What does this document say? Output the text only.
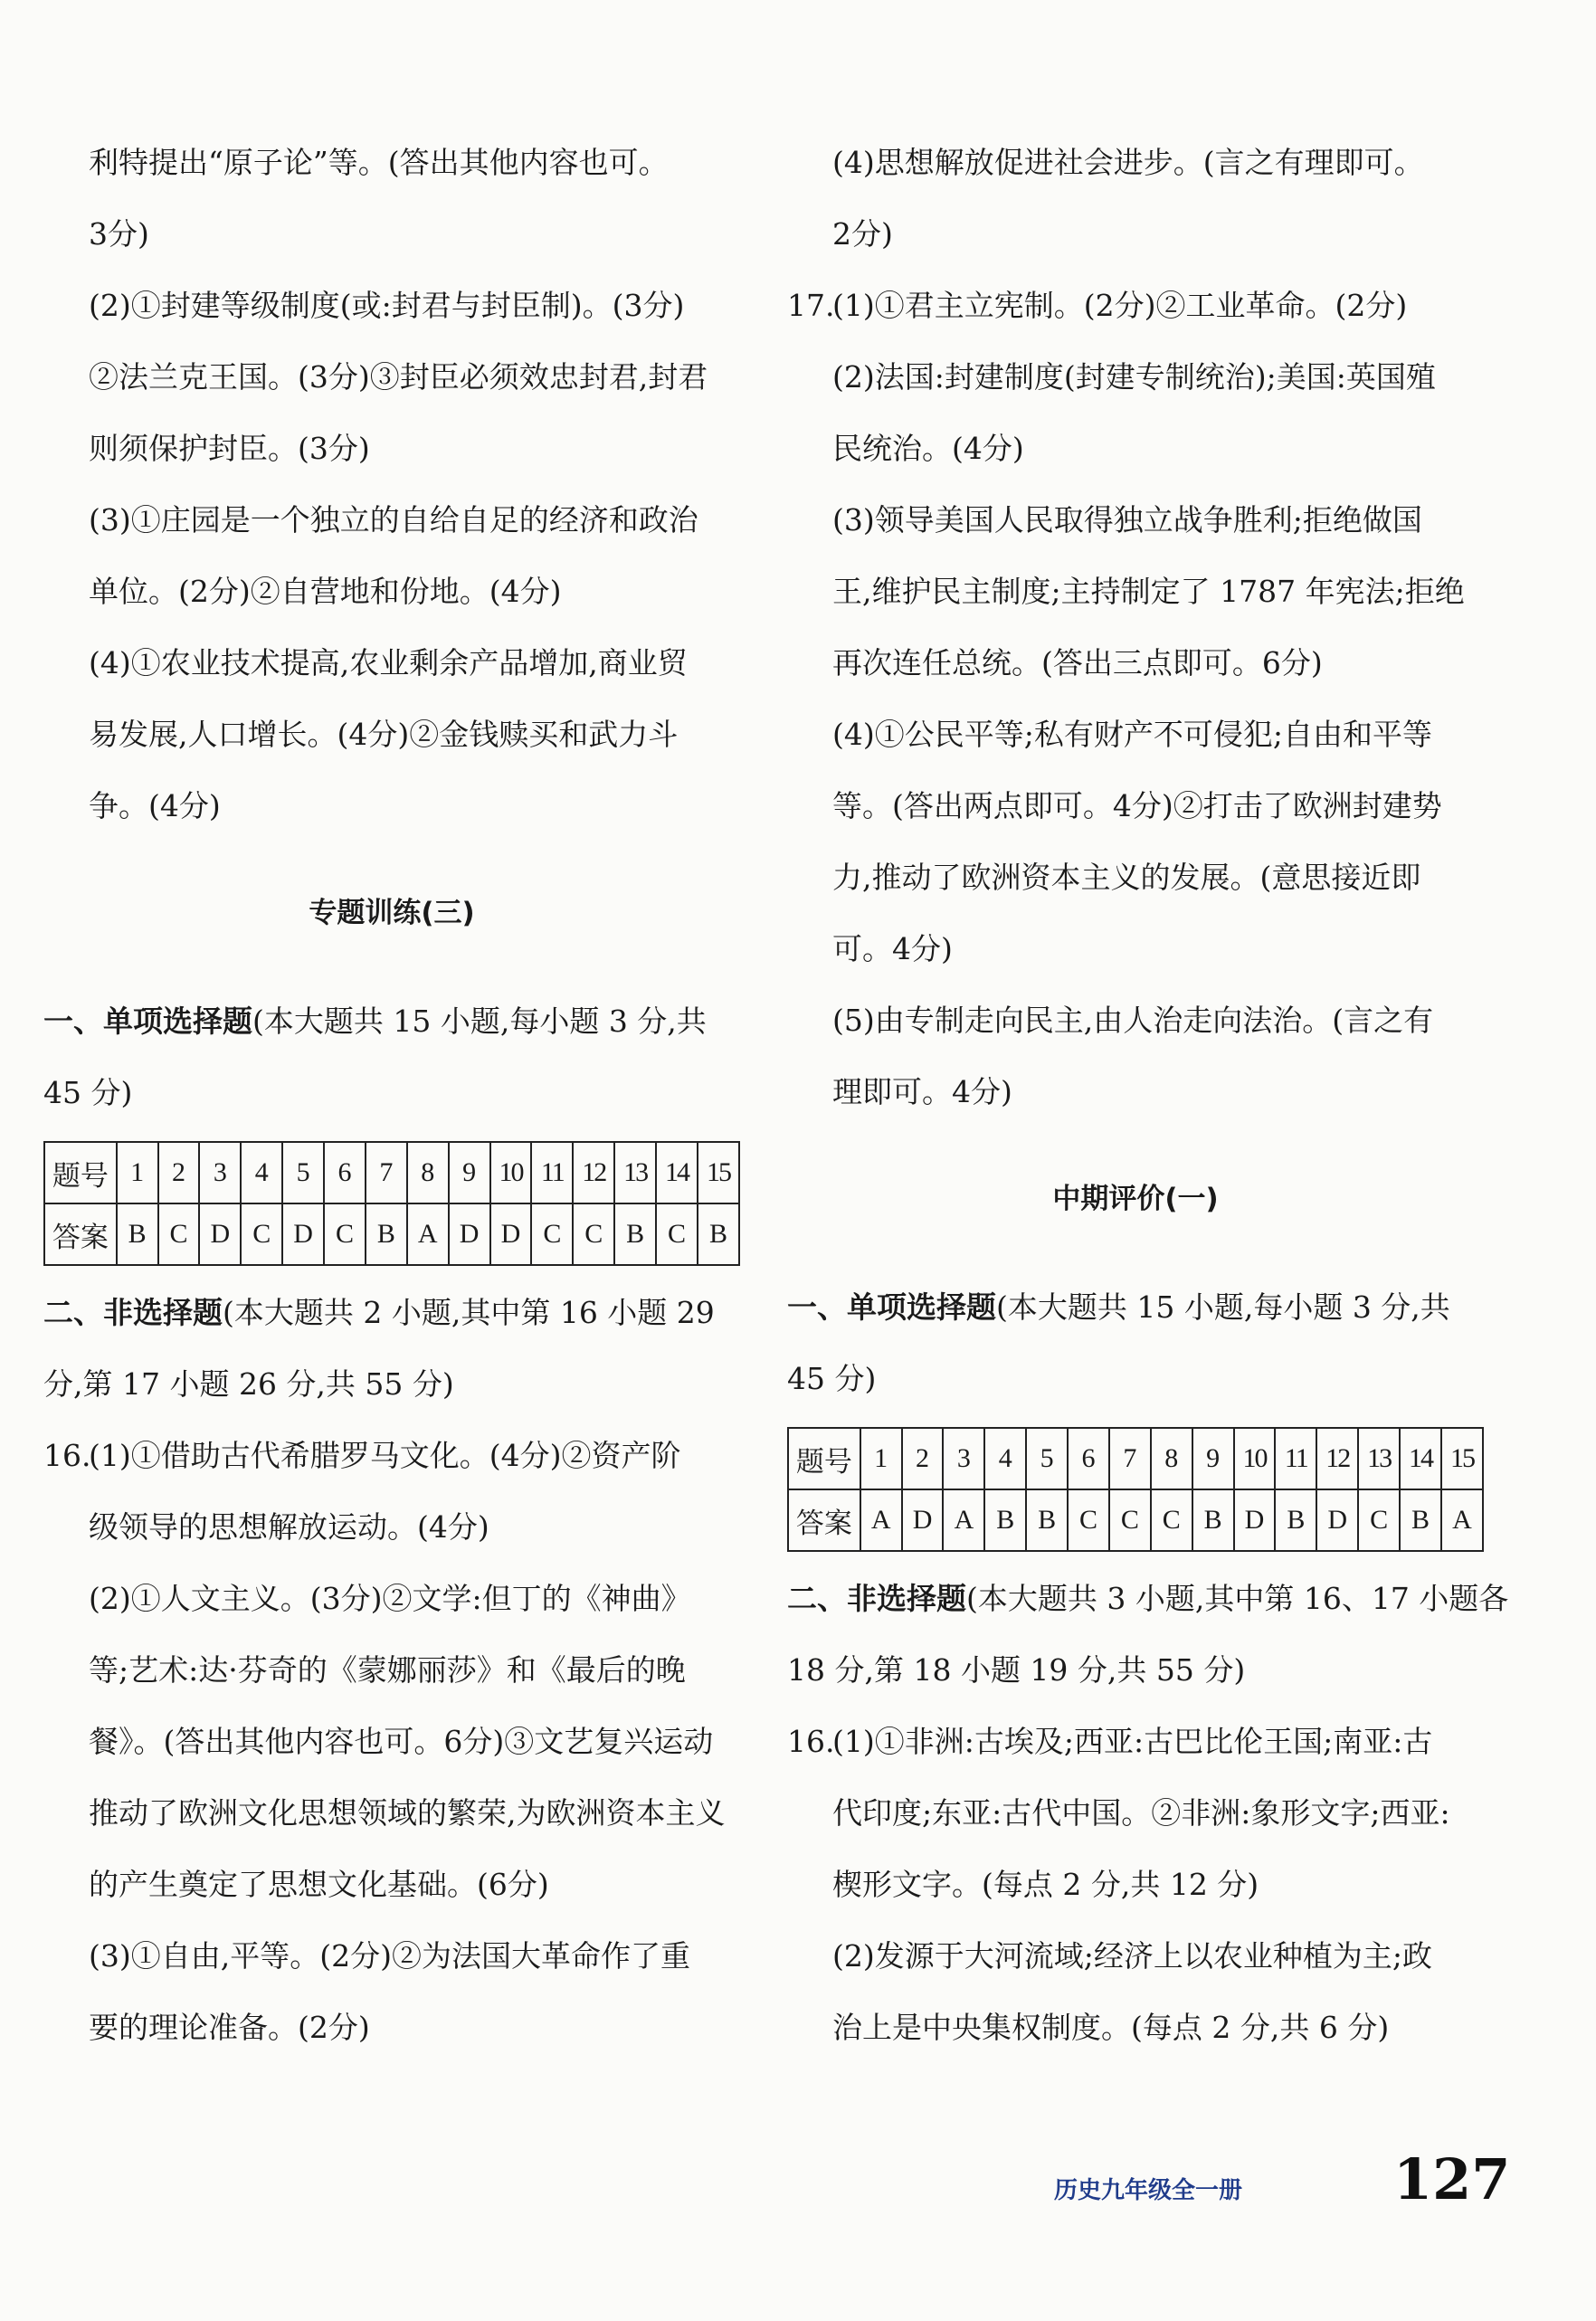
利特提出“原子论”等。(答出其他内容也可。

3分)

(2)①封建等级制度(或:封君与封臣制)。(3分)

②法兰克王国。(3分)③封臣必须效忠封君,封君

则须保护封臣。(3分)

(3)①庄园是一个独立的自给自足的经济和政治

单位。(2分)②自营地和份地。(4分)

(4)①农业技术提高,农业剩余产品增加,商业贸

易发展,人口增长。(4分)②金钱赎买和武力斗

争。(4分)

专题训练(三)

一、单项选择题(本大题共 15 小题,每小题 3 分,共

45 分)

题号	1	2	3	4	5	6	7	8	9	10	11	12	13	14	15
答案	B	C	D	C	D	C	B	A	D	D	C	C	B	C	B

二、非选择题(本大题共 2 小题,其中第 16 小题 29

分,第 17 小题 26 分,共 55 分)

16.(1)①借助古代希腊罗马文化。(4分)②资产阶

级领导的思想解放运动。(4分)

(2)①人文主义。(3分)②文学:但丁的《神曲》

等;艺术:达·芬奇的《蒙娜丽莎》和《最后的晚

餐》。(答出其他内容也可。6分)③文艺复兴运动

推动了欧洲文化思想领域的繁荣,为欧洲资本主义

的产生奠定了思想文化基础。(6分)

(3)①自由,平等。(2分)②为法国大革命作了重

要的理论准备。(2分)

(4)思想解放促进社会进步。(言之有理即可。

2分)

17.(1)①君主立宪制。(2分)②工业革命。(2分)

(2)法国:封建制度(封建专制统治);美国:英国殖

民统治。(4分)

(3)领导美国人民取得独立战争胜利;拒绝做国

王,维护民主制度;主持制定了 1787 年宪法;拒绝

再次连任总统。(答出三点即可。6分)

(4)①公民平等;私有财产不可侵犯;自由和平等

等。(答出两点即可。4分)②打击了欧洲封建势

力,推动了欧洲资本主义的发展。(意思接近即

可。4分)

(5)由专制走向民主,由人治走向法治。(言之有

理即可。4分)

中期评价(一)

一、单项选择题(本大题共 15 小题,每小题 3 分,共

45 分)

题号	1	2	3	4	5	6	7	8	9	10	11	12	13	14	15
答案	A	D	A	B	B	C	C	C	B	D	B	D	C	B	A

二、非选择题(本大题共 3 小题,其中第 16、17 小题各

18 分,第 18 小题 19 分,共 55 分)

16.(1)①非洲:古埃及;西亚:古巴比伦王国;南亚:古

代印度;东亚:古代中国。②非洲:象形文字;西亚:

楔形文字。(每点 2 分,共 12 分)

(2)发源于大河流域;经济上以农业种植为主;政

治上是中央集权制度。(每点 2 分,共 6 分)

历史九年级全一册	127
